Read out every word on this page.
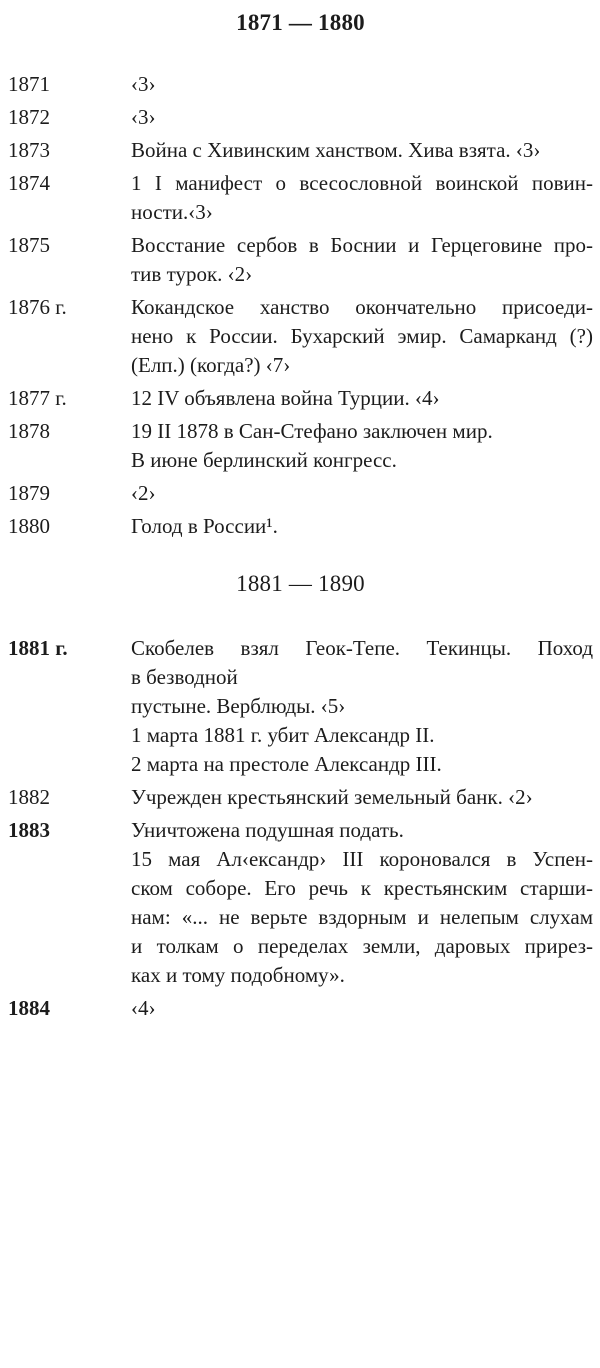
1871 — 1880
1871	‹3›
1872	‹3›
1873	Война с Хивинским ханством. Хива взята. ‹3›
1874	1 I манифест о всесословной воинской повин-
ности.‹3›
1875	Восстание сербов в Боснии и Герцеговине про-
тив турок. ‹2›
1876 г.	Кокандское ханство окончательно присоеди-
нено к России. Бухарский эмир. Самарканд (?)
(Елп.) (когда?) ‹7›
1877 г.	12 IV объявлена война Турции. ‹4›
1878	19 II 1878 в Сан-Стефано заключен мир.
В июне берлинский конгресс.
1879	‹2›
1880	Голод в России¹.
1881 — 1890
1881 г.	Скобелев взял Геок-Тепе. Текинцы. Поход
в безводной
пустыне. Верблюды. ‹5›
1 марта 1881 г. убит Александр II.
2 марта на престоле Александр III.
1882	Учрежден крестьянский земельный банк. ‹2›
1883	Уничтожена подушная подать.
15 мая Ал‹ександр› III короновался в Успен-
ском соборе. Его речь к крестьянским старши-
нам: «... не верьте вздорным и нелепым слухам
и толкам о переделах земли, даровых прирез-
ках и тому подобному».
1884	‹4›
